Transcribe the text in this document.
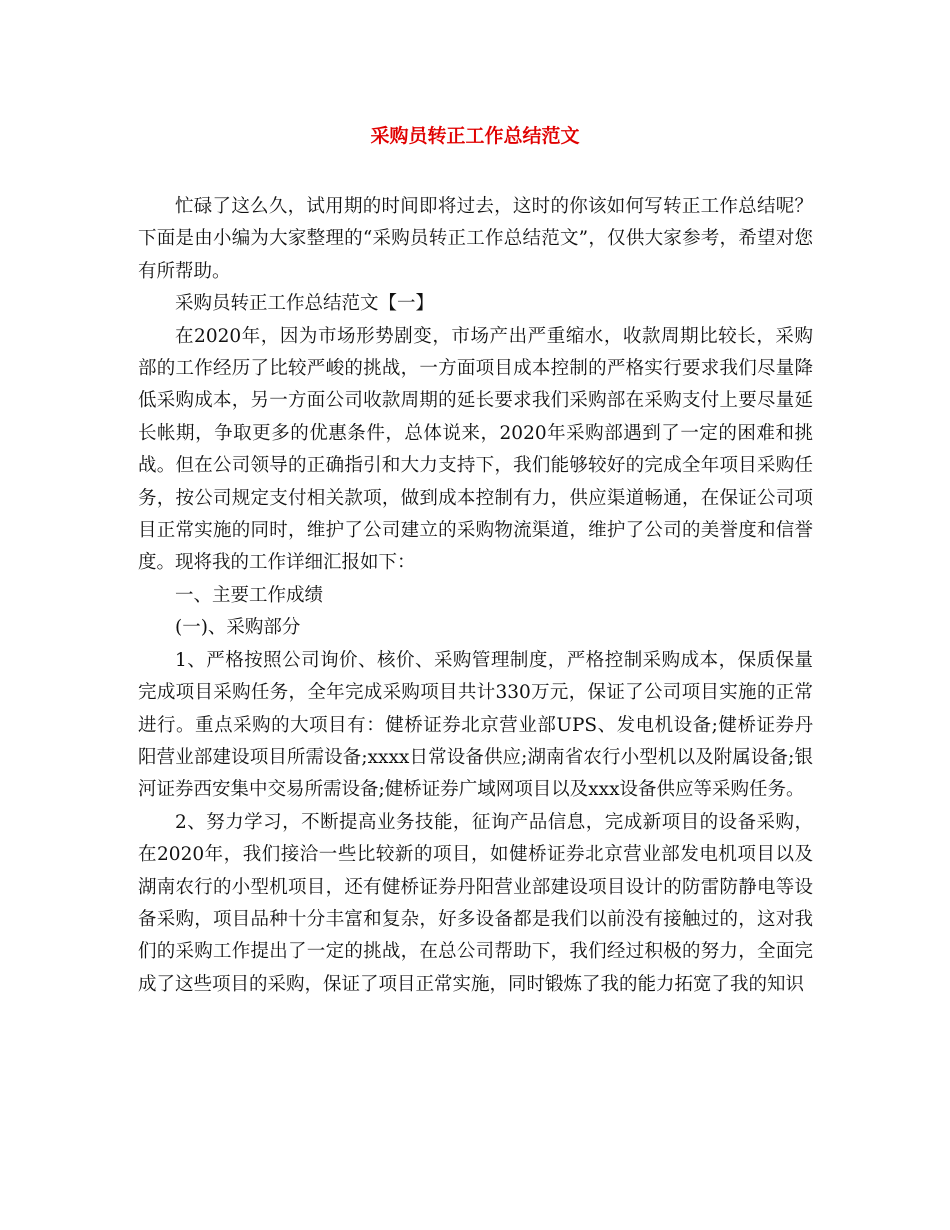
采购员转正工作总结范文

忙碌了这么久，试用期的时间即将过去，这时的你该如何写转正工作总结呢？下面是由小编为大家整理的“采购员转正工作总结范文”，仅供大家参考，希望对您有所帮助。

采购员转正工作总结范文【一】

在2020年，因为市场形势剧变，市场产出严重缩水，收款周期比较长，采购部的工作经历了比较严峻的挑战，一方面项目成本控制的严格实行要求我们尽量降低采购成本，另一方面公司收款周期的延长要求我们采购部在采购支付上要尽量延长帐期，争取更多的优惠条件，总体说来，2020年采购部遇到了一定的困难和挑战。但在公司领导的正确指引和大力支持下，我们能够较好的完成全年项目采购任务，按公司规定支付相关款项，做到成本控制有力，供应渠道畅通，在保证公司项目正常实施的同时，维护了公司建立的采购物流渠道，维护了公司的美誉度和信誉度。现将我的工作详细汇报如下：

一、主要工作成绩

(一)、采购部分

1、严格按照公司询价、核价、采购管理制度，严格控制采购成本，保质保量完成项目采购任务，全年完成采购项目共计330万元，保证了公司项目实施的正常进行。重点采购的大项目有：健桥证券北京营业部UPS、发电机设备;健桥证券丹阳营业部建设项目所需设备;xxxx日常设备供应;湖南省农行小型机以及附属设备;银河证券西安集中交易所需设备;健桥证券广域网项目以及xxx设备供应等采购任务。

2、努力学习，不断提高业务技能，征询产品信息，完成新项目的设备采购，在2020年，我们接洽一些比较新的项目，如健桥证券北京营业部发电机项目以及湖南农行的小型机项目，还有健桥证券丹阳营业部建设项目设计的防雷防静电等设备采购，项目品种十分丰富和复杂，好多设备都是我们以前没有接触过的，这对我们的采购工作提出了一定的挑战，在总公司帮助下，我们经过积极的努力，全面完成了这些项目的采购，保证了项目正常实施，同时锻炼了我的能力拓宽了我的知识
